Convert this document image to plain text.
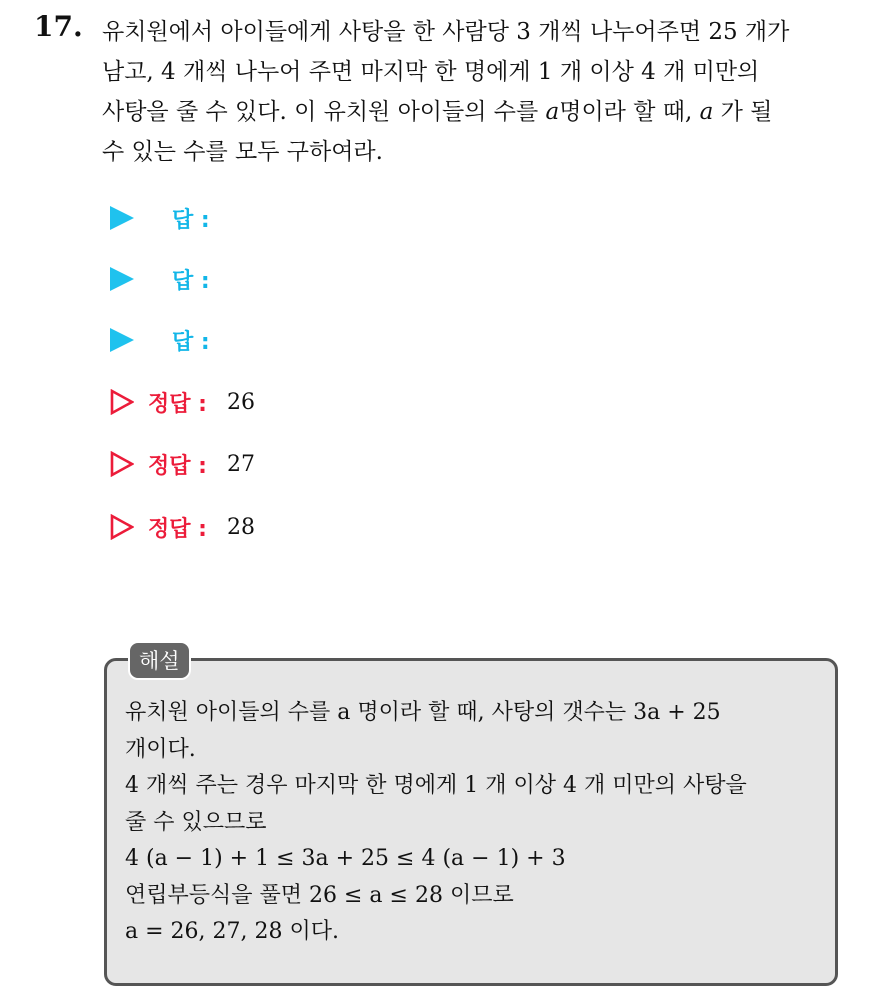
17. 유치원에서 아이들에게 사탕을 한 사람당 3 개씩 나누어주면 25 개가
남고, 4 개씩 나누어 주면 마지막 한 명에게 1 개 이상 4 개 미만의
사탕을 줄 수 있다. 이 유치원 아이들의 수를 a명이라 할 때, a 가 될
수 있는 수를 모두 구하여라.
답 :
답 :
답 :
정답 : 26
정답 : 27
정답 : 28
해설
유치원 아이들의 수를 a 명이라 할 때, 사탕의 갯수는 3a + 25
개이다.
4 개씩 주는 경우 마지막 한 명에게 1 개 이상 4 개 미만의 사탕을
줄 수 있으므로
4 (a − 1) + 1 ≤ 3a + 25 ≤ 4 (a − 1) + 3
연립부등식을 풀면 26 ≤ a ≤ 28 이므로
a = 26, 27, 28 이다.
